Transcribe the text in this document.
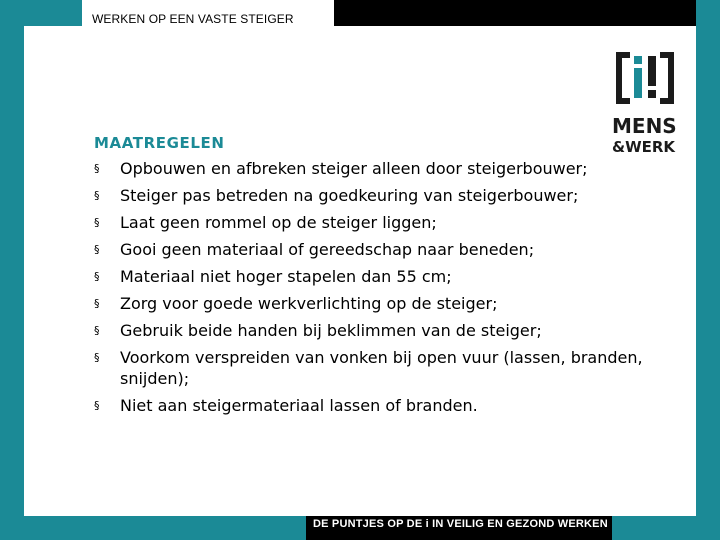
WERKEN OP EEN VASTE STEIGER
MENS
&WERK
MAATREGELEN
§ Opbouwen en afbreken steiger alleen door steigerbouwer;
§ Steiger pas betreden na goedkeuring van steigerbouwer;
§ Laat geen rommel op de steiger liggen;
§ Gooi geen materiaal of gereedschap naar beneden;
§ Materiaal niet hoger stapelen dan 55 cm;
§ Zorg voor goede werkverlichting op de steiger;
§ Gebruik beide handen bij beklimmen van de steiger;
§ Voorkom verspreiden van vonken bij open vuur (lassen, branden, snijden);
§ Niet aan steigermateriaal lassen of branden.
DE PUNTJES OP DE i IN VEILIG EN GEZOND WERKEN
